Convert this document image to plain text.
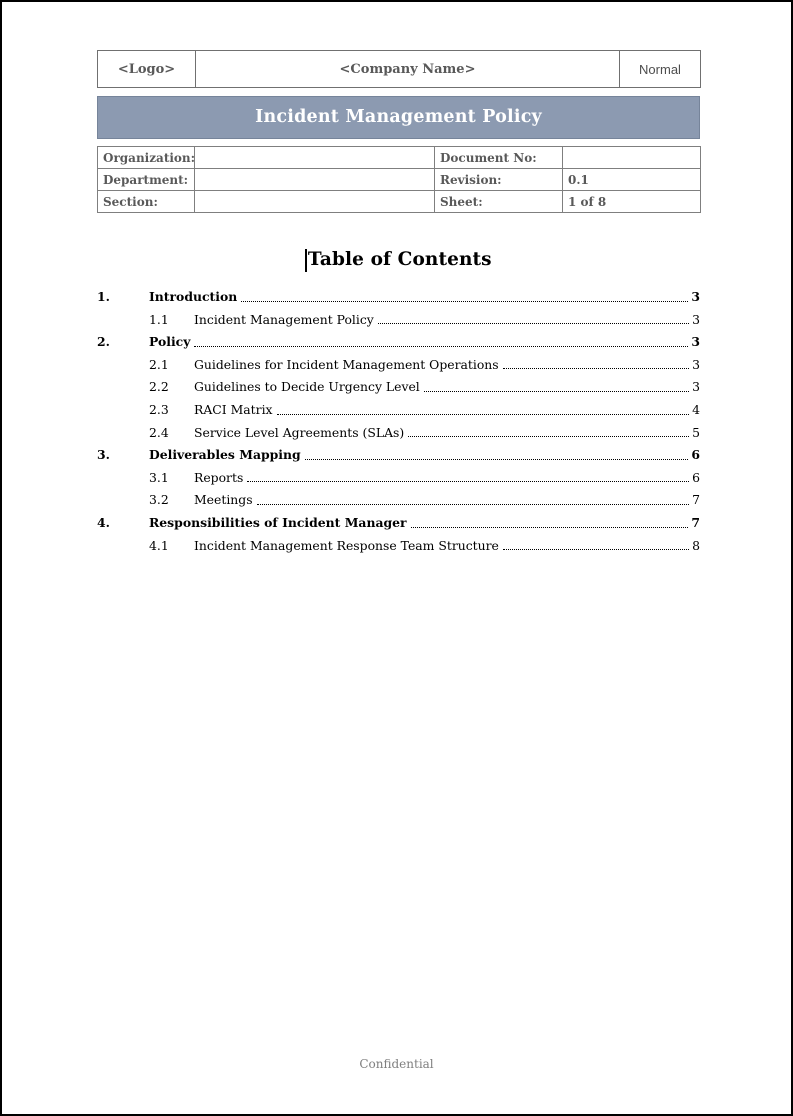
<Logo>	<Company Name>	Normal
Incident Management Policy
Organization:		Document No:	
Department:		Revision:	0.1
Section:		Sheet:	1 of 8
Table of Contents
1.	Introduction	3
1.1	Incident Management Policy	3
2.	Policy	3
2.1	Guidelines for Incident Management Operations	3
2.2	Guidelines to Decide Urgency Level	3
2.3	RACI Matrix	4
2.4	Service Level Agreements (SLAs)	5
3.	Deliverables Mapping	6
3.1	Reports	6
3.2	Meetings	7
4.	Responsibilities of Incident Manager	7
4.1	Incident Management Response Team Structure	8
Confidential
